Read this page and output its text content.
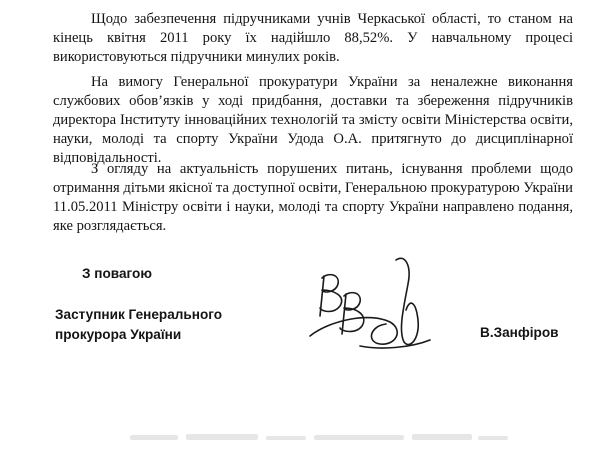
Щодо забезпечення підручниками учнів Черкаської області, то станом на кінець квітня 2011 року їх надійшло 88,52%. У навчальному процесі використовуються підручники минулих років.

На вимогу Генеральної прокуратури України за неналежне виконання службових обов’язків у ході придбання, доставки та збереження підручників директора Інституту інноваційних технологій та змісту освіти Міністерства освіти, науки, молоді та спорту України Удода О.А. притягнуто до дисциплінарної відповідальності.

З огляду на актуальність порушених питань, існування проблеми щодо отримання дітьми якісної та доступної освіти, Генеральною прокуратурою України 11.05.2011 Міністру освіти і науки, молоді та спорту України направлено подання, яке розглядається.

З повагою
Заступник Генерального
прокурора України	В.Занфіров
